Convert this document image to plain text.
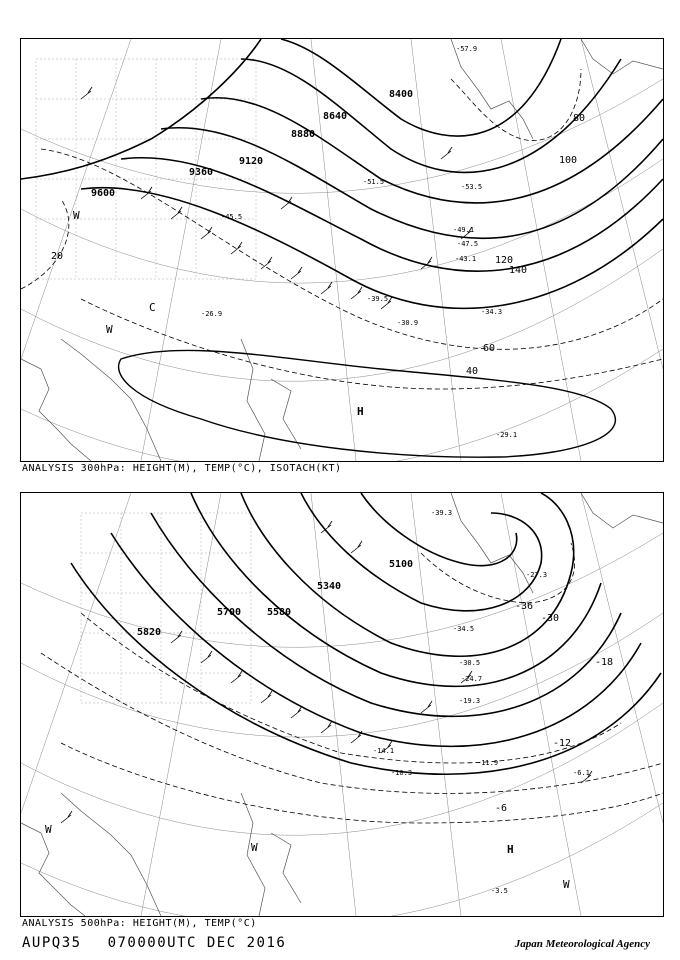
8400
8640
8880
9120
9360
9600
20
40
60
80
100
120
140
H
W
C
W
-51.5
-49.1
-47.5
-43.1
-39.5
-34.3
-30.9
-29.1
-26.9
-57.9
-53.5
-45.5
ANALYSIS 300hPa: HEIGHT(M), TEMP(°C), ISOTACH(KT)
5100
5340
5580
5700
5820
-36
-30
-18
-12
-6
H
W
W
W
-34.5
-30.5
-24.7
-19.3
-14.1
-11.9
-10.3	-6.1
-3.5
-39.3
-27.3
ANALYSIS 500hPa: HEIGHT(M), TEMP(°C)
AUPQ35 070000UTC DEC 2016	Japan Meteorological Agency
